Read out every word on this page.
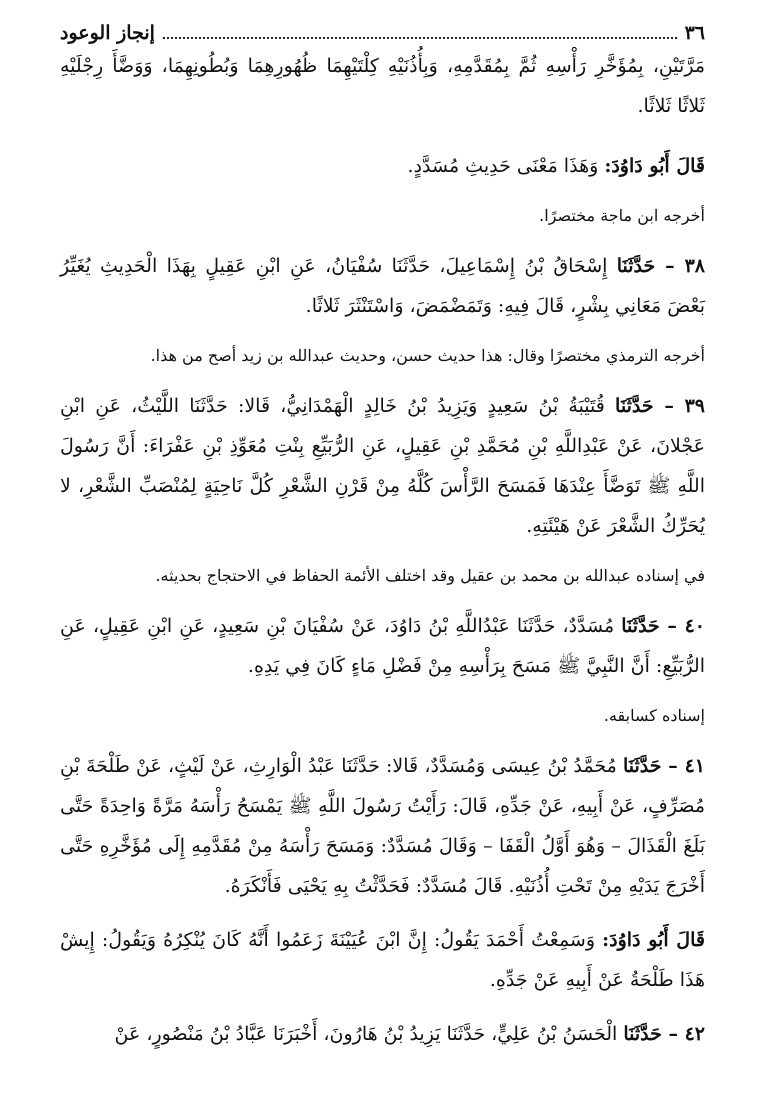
٣٦
إنجاز الوعود

مَرَّتَيْنِ، بِمُؤَخَّرِ رَأْسِهِ ثُمَّ بِمُقَدَّمِهِ، وَبِأُذُنَيْهِ كِلْتَيْهِمَا ظُهُورِهِمَا وَبُطُونِهِمَا، وَوَضَّأَ رِجْلَيْهِ ثَلاثًا ثَلاثًا.

قَالَ أَبُو دَاوُدَ: وَهَذَا مَعْنَى حَدِيثِ مُسَدَّدٍ.

أخرجه ابن ماجة مختصرًا.

٣٨ – حَدَّثَنَا إِسْحَاقُ بْنُ إِسْمَاعِيلَ، حَدَّثَنَا سُفْيَانُ، عَنِ ابْنِ عَقِيلٍ بِهَذَا الْحَدِيثِ يُغَيِّرُ بَعْضَ مَعَانِي بِشْرٍ، قَالَ فِيهِ: وَتَمَضْمَضَ، وَاسْتَنْثَرَ ثَلاثًا.

أخرجه الترمذي مختصرًا وقال: هذا حديث حسن، وحديث عبدالله بن زيد أصح من هذا.

٣٩ – حَدَّثَنَا قُتَيْبَةُ بْنُ سَعِيدٍ وَيَزِيدُ بْنُ خَالِدٍ الْهَمْدَانِيُّ، قَالا: حَدَّثَنَا اللَّيْثُ، عَنِ ابْنِ عَجْلانَ، عَنْ عَبْدِاللَّهِ بْنِ مُحَمَّدِ بْنِ عَقِيلٍ، عَنِ الرُّبَيِّعِ بِنْتِ مُعَوِّذِ بْنِ عَفْرَاءَ: أَنَّ رَسُولَ اللَّهِ ﷺ تَوَضَّأَ عِنْدَهَا فَمَسَحَ الرَّأْسَ كُلَّهُ مِنْ قَرْنِ الشَّعْرِ كُلَّ نَاحِيَةٍ لِمُنْصَبِّ الشَّعْرِ، لا يُحَرِّكُ الشَّعْرَ عَنْ هَيْئَتِهِ.

في إسناده عبدالله بن محمد بن عقيل وقد اختلف الأئمة الحفاظ في الاحتجاج بحديثه.

٤٠ – حَدَّثَنَا مُسَدَّدٌ، حَدَّثَنَا عَبْدُاللَّهِ بْنُ دَاوُدَ، عَنْ سُفْيَانَ بْنِ سَعِيدٍ، عَنِ ابْنِ عَقِيلٍ، عَنِ الرُّبَيِّعِ: أَنَّ النَّبِيَّ ﷺ مَسَحَ بِرَأْسِهِ مِنْ فَضْلِ مَاءٍ كَانَ فِي يَدِهِ.

إسناده كسابقه.

٤١ – حَدَّثَنَا مُحَمَّدُ بْنُ عِيسَى وَمُسَدَّدٌ، قَالا: حَدَّثَنَا عَبْدُ الْوَارِثِ، عَنْ لَيْثٍ، عَنْ طَلْحَةَ بْنِ مُصَرِّفٍ، عَنْ أَبِيهِ، عَنْ جَدِّهِ، قَالَ: رَأَيْتُ رَسُولَ اللَّهِ ﷺ يَمْسَحُ رَأْسَهُ مَرَّةً وَاحِدَةً حَتَّى بَلَغَ الْقَذَالَ – وَهُوَ أَوَّلُ الْقَفَا – وَقَالَ مُسَدَّدٌ: وَمَسَحَ رَأْسَهُ مِنْ مُقَدَّمِهِ إِلَى مُؤَخَّرِهِ حَتَّى أَخْرَجَ يَدَيْهِ مِنْ تَحْتِ أُذُنَيْهِ. قَالَ مُسَدَّدٌ: فَحَدَّثْتُ بِهِ يَحْيَى فَأَنْكَرَهُ.

قَالَ أَبُو دَاوُدَ: وَسَمِعْتُ أَحْمَدَ يَقُولُ: إِنَّ ابْنَ عُيَيْنَةَ زَعَمُوا أَنَّهُ كَانَ يُنْكِرُهُ وَيَقُولُ: إِيشْ هَذَا طَلْحَةُ عَنْ أَبِيهِ عَنْ جَدِّهِ.

٤٢ – حَدَّثَنَا الْحَسَنُ بْنُ عَلِيٍّ، حَدَّثَنَا يَزِيدُ بْنُ هَارُونَ، أَخْبَرَنَا عَبَّادُ بْنُ مَنْصُورٍ، عَنْ
